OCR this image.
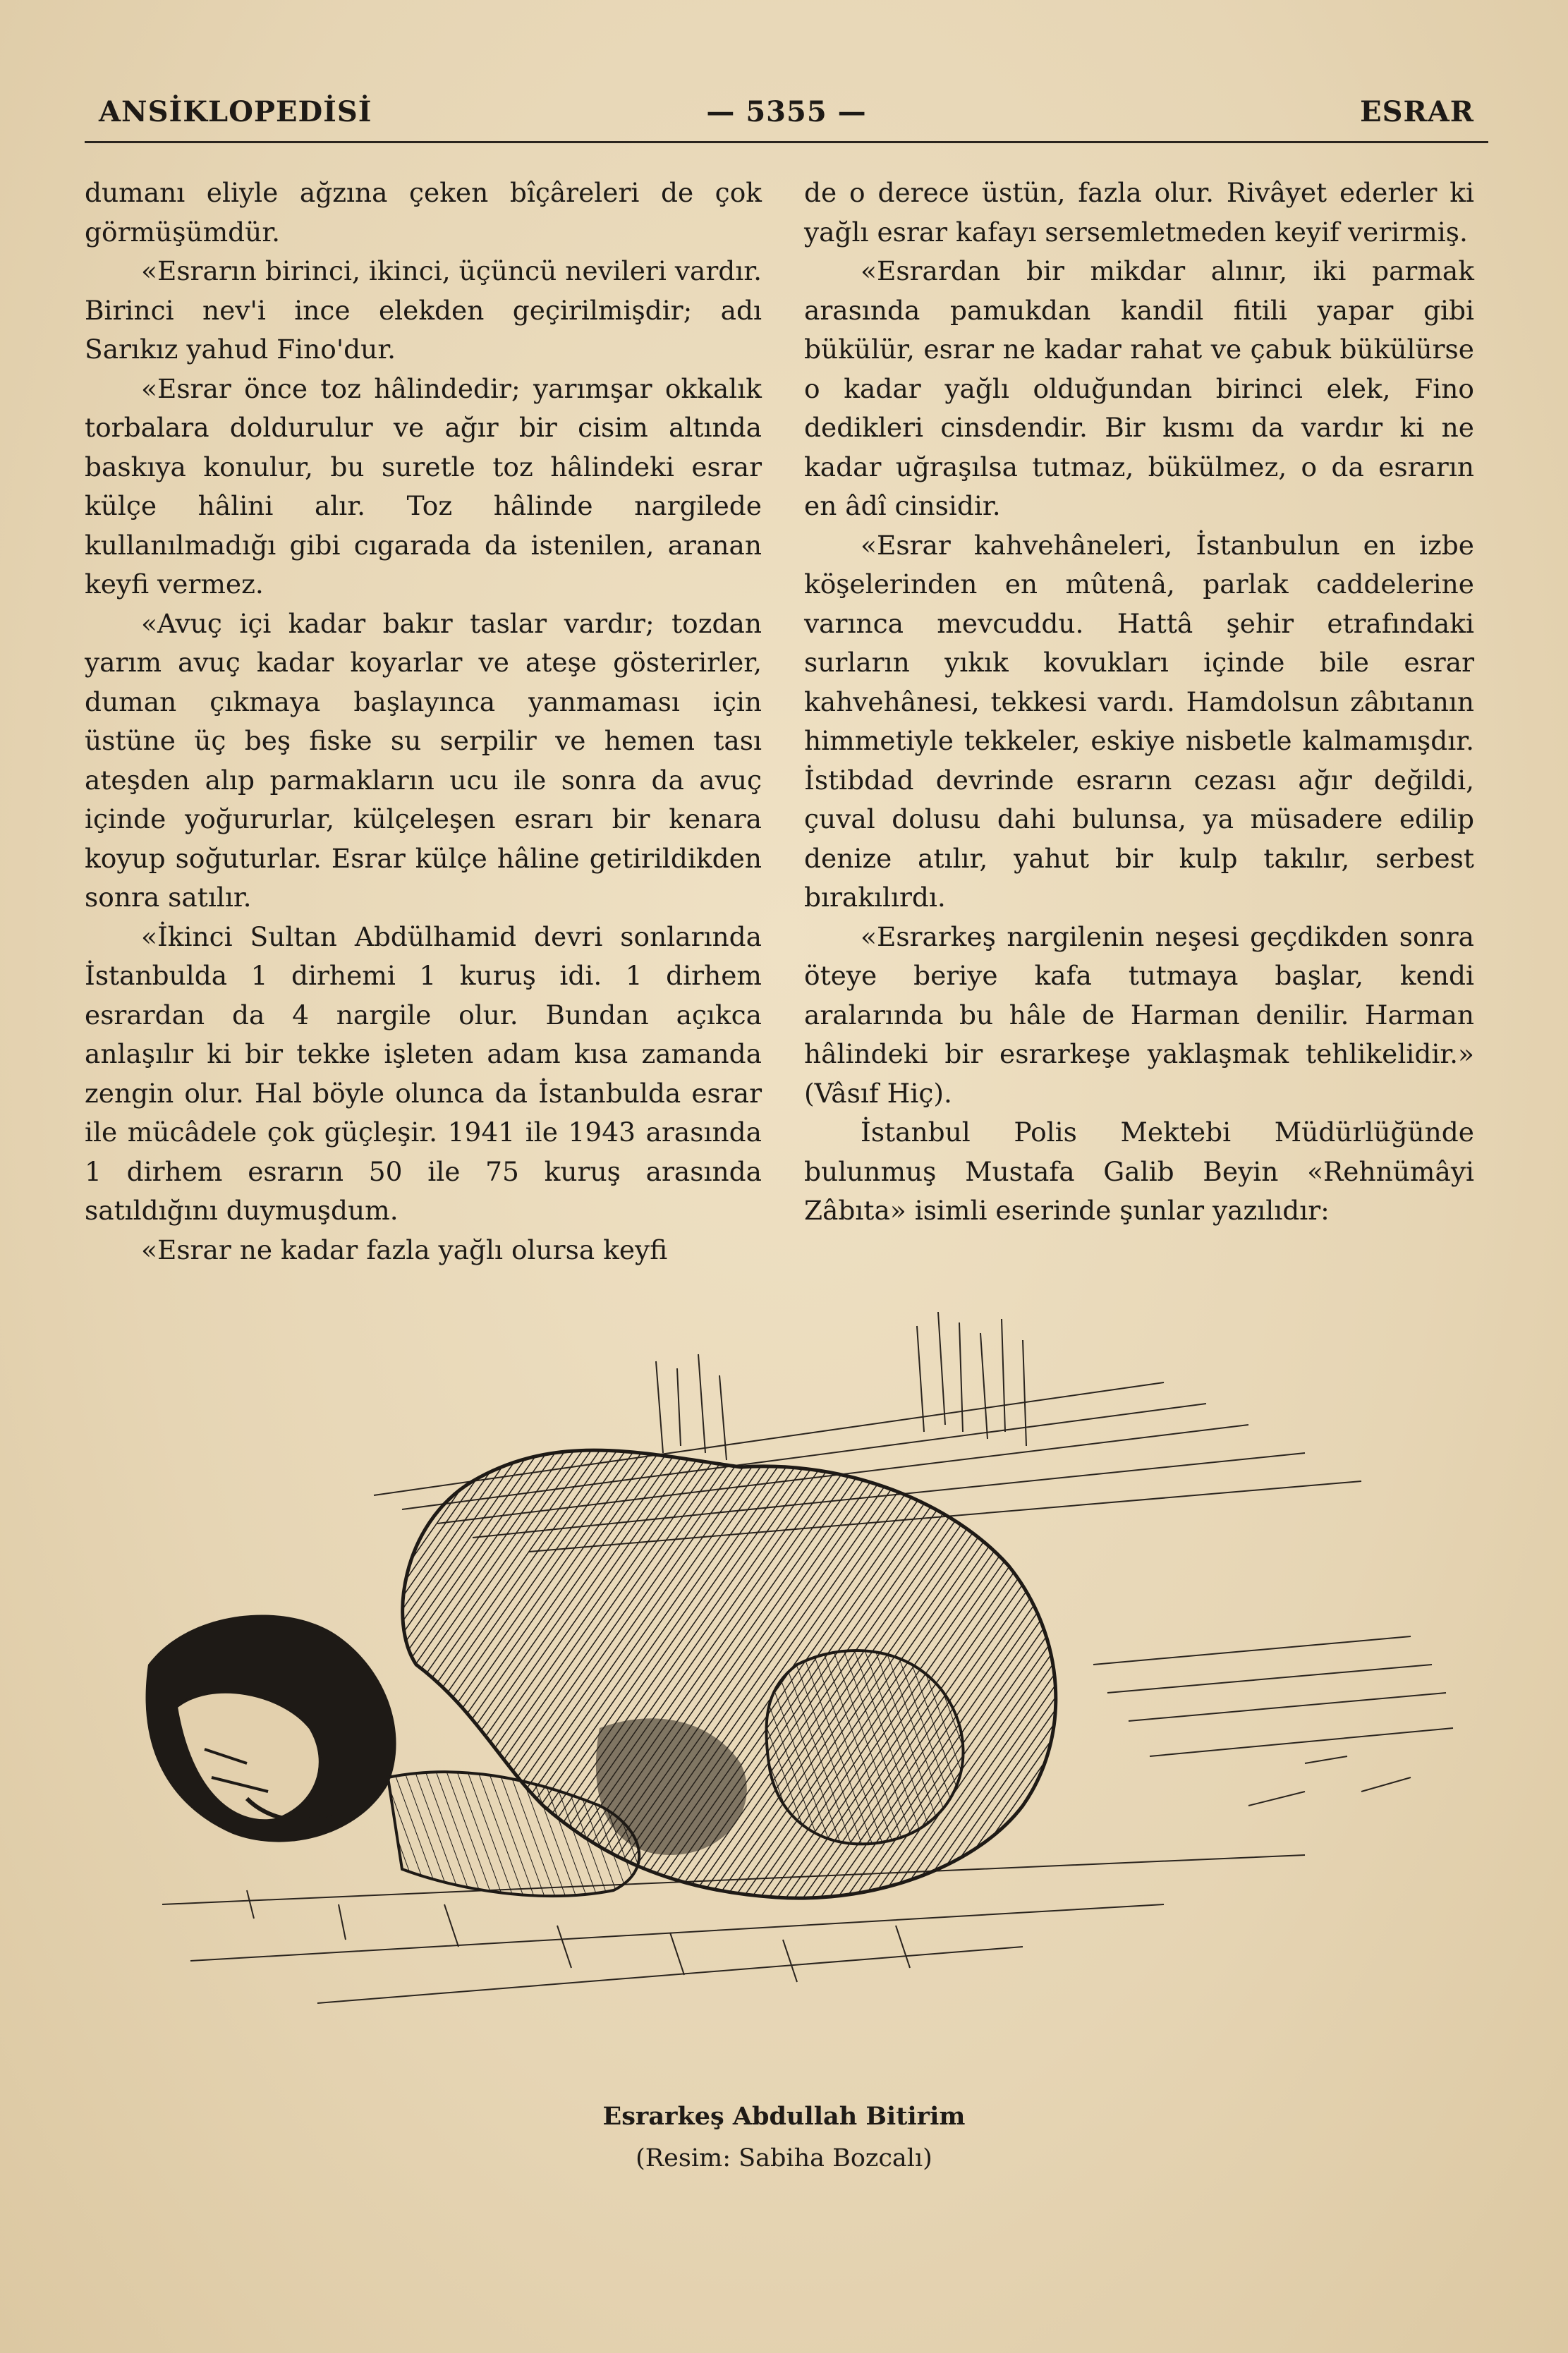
— 5355 —
ANSİKLOPEDİSİ	ESRAR

dumanı eliyle ağzına çeken bîçâreleri de çok görmüşümdür.

«Esrarın birinci, ikinci, üçüncü nevileri vardır. Birinci nev'i ince elekden geçirilmişdir; adı Sarıkız yahud Fino'dur.

«Esrar önce toz hâlindedir; yarımşar okkalık torbalara doldurulur ve ağır bir cisim altında baskıya konulur, bu suretle toz hâlindeki esrar külçe hâlini alır. Toz hâlinde nargilede kullanılmadığı gibi cıgarada da istenilen, aranan keyfi vermez.

«Avuç içi kadar bakır taslar vardır; tozdan yarım avuç kadar koyarlar ve ateşe gösterirler, duman çıkmaya başlayınca yanmaması için üstüne üç beş fiske su serpilir ve hemen tası ateşden alıp parmakların ucu ile sonra da avuç içinde yoğururlar, külçeleşen esrarı bir kenara koyup soğuturlar. Esrar külçe hâline getirildikden sonra satılır.

«İkinci Sultan Abdülhamid devri sonlarında İstanbulda 1 dirhemi 1 kuruş idi. 1 dirhem esrardan da 4 nargile olur. Bundan açıkca anlaşılır ki bir tekke işleten adam kısa zamanda zengin olur. Hal böyle olunca da İstanbulda esrar ile mücâdele çok güçleşir. 1941 ile 1943 arasında 1 dirhem esrarın 50 ile 75 kuruş arasında satıldığını duymuşdum.

«Esrar ne kadar fazla yağlı olursa keyfi

de o derece üstün, fazla olur. Rivâyet ederler ki yağlı esrar kafayı sersemletmeden keyif verirmiş.

«Esrardan bir mikdar alınır, iki parmak arasında pamukdan kandil fitili yapar gibi bükülür, esrar ne kadar rahat ve çabuk bükülürse o kadar yağlı olduğundan birinci elek, Fino dedikleri cinsdendir. Bir kısmı da vardır ki ne kadar uğraşılsa tutmaz, bükülmez, o da esrarın en âdî cinsidir.

«Esrar kahvehâneleri, İstanbulun en izbe köşelerinden en mûtenâ, parlak caddelerine varınca mevcuddu. Hattâ şehir etrafındaki surların yıkık kovukları içinde bile esrar kahvehânesi, tekkesi vardı. Hamdolsun zâbıtanın himmetiyle tekkeler, eskiye nisbetle kalmamışdır. İstibdad devrinde esrarın cezası ağır değildi, çuval dolusu dahi bulunsa, ya müsadere edilip denize atılır, yahut bir kulp takılır, serbest bırakılırdı.

«Esrarkeş nargilenin neşesi geçdikden sonra öteye beriye kafa tutmaya başlar, kendi aralarında bu hâle de Harman denilir. Harman hâlindeki bir esrarkeşe yaklaşmak tehlikelidir.» (Vâsıf Hiç).

İstanbul Polis Mektebi Müdürlüğünde bulunmuş Mustafa Galib Beyin «Rehnümâyi Zâbıta» isimli eserinde şunlar yazılıdır:

Esrarkeş Abdullah Bitirim
(Resim: Sabiha Bozcalı)
